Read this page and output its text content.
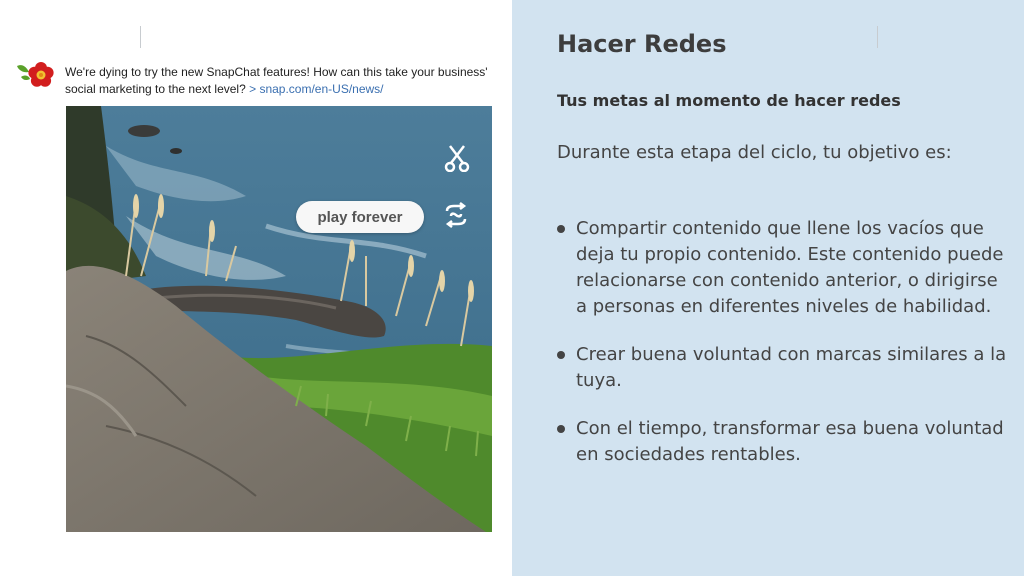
We're dying to try the new SnapChat features! How can this take your business' social marketing to the next level? > snap.com/en-US/news/
play forever
Hacer Redes
Tus metas al momento de hacer redes

Durante esta etapa del ciclo, tu objetivo es:

Compartir contenido que llene los vacíos que deja tu propio contenido. Este contenido puede relacionarse con contenido anterior, o dirigirse a personas en diferentes niveles de habilidad.
Crear buena voluntad con marcas similares a la tuya.
Con el tiempo, transformar esa buena voluntad en sociedades rentables.
